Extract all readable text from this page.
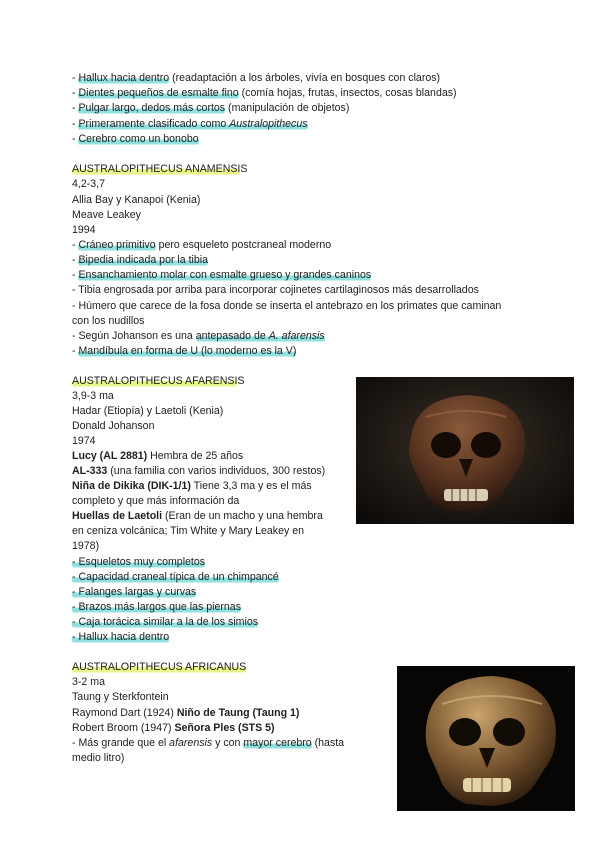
- Hallux hacia dentro (readaptación a los árboles, vivía en bosques con claros)
- Dientes pequeños de esmalte fino (comía hojas, frutas, insectos, cosas blandas)
- Pulgar largo, dedos más cortos (manipulación de objetos)
- Primeramente clasificado como Australopithecus
- Cerebro como un bonobo
AUSTRALOPITHECUS ANAMENSIS
4,2-3,7
Allia Bay y Kanapoi (Kenia)
Meave Leakey
1994
- Cráneo primitivo pero esqueleto postcraneal moderno
- Bipedia indicada por la tibia
- Ensanchamiento molar con esmalte grueso y grandes caninos
- Tibia engrosada por arriba para incorporar cojinetes cartilaginosos más desarrollados
- Húmero que carece de la fosa donde se inserta el antebrazo en los primates que caminan
con los nudillos
- Según Johanson es una antepasado de A. afarensis
- Mandíbula en forma de U (lo moderno es la V)
AUSTRALOPITHECUS AFARENSIS
3,9-3 ma
Hadar (Etiopía) y Laetoli (Kenia)
Donald Johanson
1974
Lucy (AL 2881) Hembra de 25 años
AL-333 (una familia con varios individuos, 300 restos)
Niña de Dikika (DIK-1/1) Tiene 3,3 ma y es el más
completo y que más información da
Huellas de Laetoli (Eran de un macho y una hembra
en ceniza volcánica; Tim White y Mary Leakey en
1978)
- Esqueletos muy completos
- Capacidad craneal típica de un chimpancé
- Falanges largas y curvas
- Brazos más largos que las piernas
- Caja torácica similar a la de los simios
- Hallux hacia dentro
AUSTRALOPITHECUS AFRICANUS
3-2 ma
Taung y Sterkfontein
Raymond Dart (1924) Niño de Taung (Taung 1)
Robert Broom (1947) Señora Ples (STS 5)
- Más grande que el afarensis y con mayor cerebro (hasta
medio litro)
